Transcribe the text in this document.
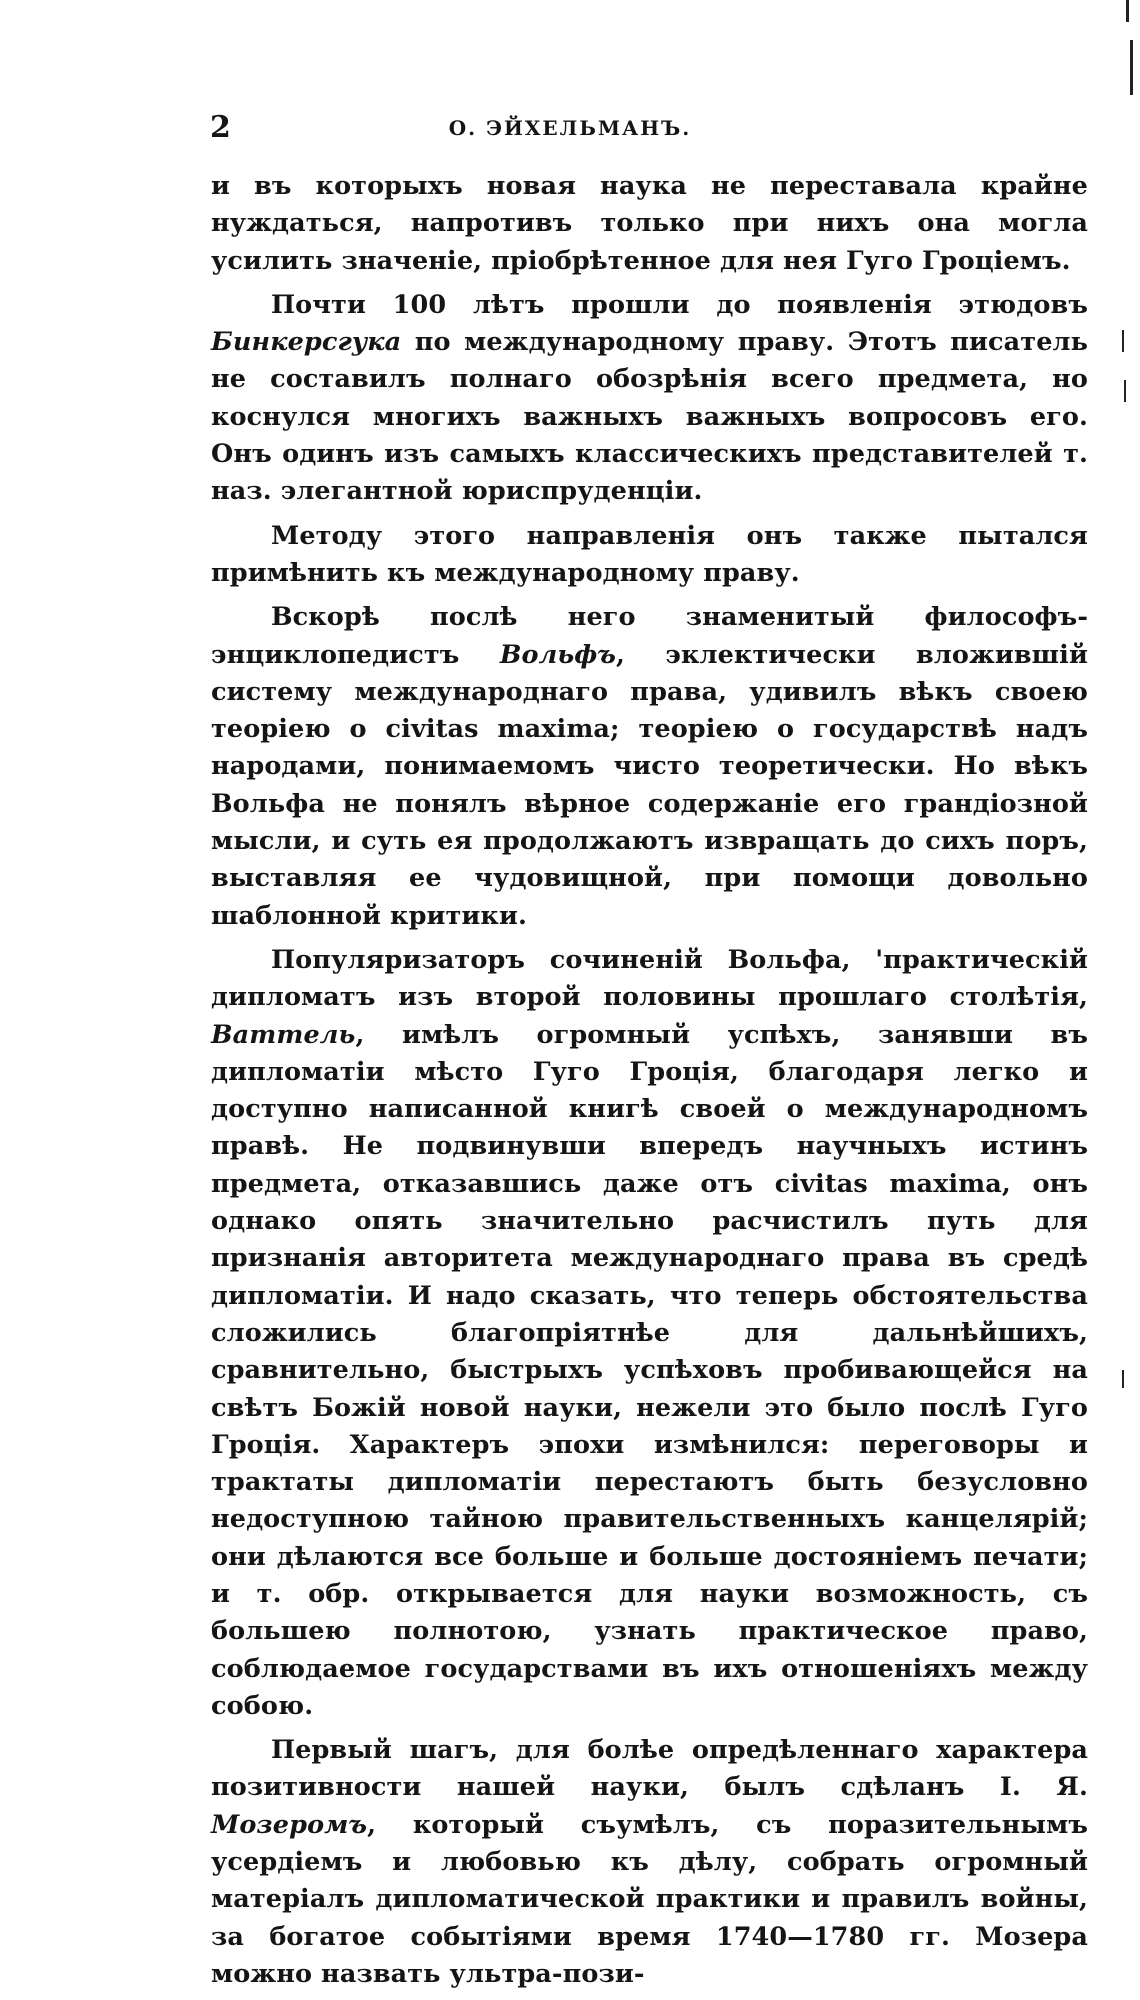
2	О. ЭЙХЕЛЬМАНЪ.

и въ которыхъ новая наука не переставала крайне нуждаться, напротивъ только при нихъ она могла усилить значеніе, пріобрѣтенное для нея Гуго Гроціемъ.

Почти 100 лѣтъ прошли до появленія этюдовъ Бинкерсгука по международному праву. Этотъ писатель не составилъ полнаго обозрѣнія всего предмета, но коснулся многихъ важныхъ важныхъ вопросовъ его. Онъ одинъ изъ самыхъ классическихъ представителей т. наз. элегантной юриспруденціи.

Методу этого направленія онъ также пытался примѣнить къ международному праву.

Вскорѣ послѣ него знаменитый философъ-энциклопедистъ Вольфъ, эклектически вложившій систему международнаго права, удивилъ вѣкъ своею теоріею о civitas maxima; теоріею о государствѣ надъ народами, понимаемомъ чисто теоретически. Но вѣкъ Вольфа не понялъ вѣрное содержаніе его грандіозной мысли, и суть ея продолжаютъ извращать до сихъ поръ, выставляя ее чудовищной, при помощи довольно шаблонной критики.

Популяризаторъ сочиненій Вольфа, 'практическій дипломатъ изъ второй половины прошлаго столѣтія, Ваттель, имѣлъ огромный успѣхъ, занявши въ дипломатіи мѣсто Гуго Гроція, благодаря легко и доступно написанной книгѣ своей о международномъ правѣ. Не подвинувши впередъ научныхъ истинъ предмета, отказавшись даже отъ civitas maxima, онъ однако опять значительно расчистилъ путь для признанія авторитета международнаго права въ средѣ дипломатіи. И надо сказать, что теперь обстоятельства сложились благопріятнѣе для дальнѣйшихъ, сравнительно, быстрыхъ успѣховъ пробивающейся на свѣтъ Божій новой науки, нежели это было послѣ Гуго Гроція. Характеръ эпохи измѣнился: переговоры и трактаты дипломатіи перестаютъ быть безусловно недоступною тайною правительственныхъ канцелярій; они дѣлаются все больше и больше достояніемъ печати; и т. обр. открывается для науки возможность, съ большею полнотою, узнать практическое право, соблюдаемое государствами въ ихъ отношеніяхъ между собою.

Первый шагъ, для болѣе опредѣленнаго характера позитивности нашей науки, былъ сдѣланъ І. Я. Мозеромъ, который съумѣлъ, съ поразительнымъ усердіемъ и любовью къ дѣлу, собрать огромный матеріалъ дипломатической практики и правилъ войны, за богатое событіями время 1740—1780 гг. Мозера можно назвать ультра-пози-
